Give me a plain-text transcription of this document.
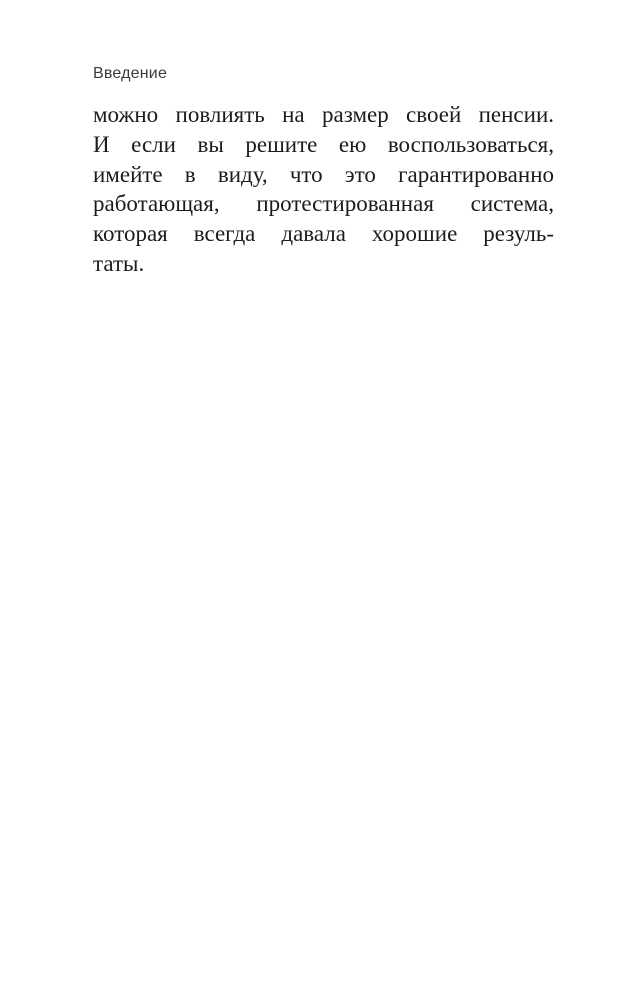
Введение
можно повлиять на размер своей пенсии.
И если вы решите ею воспользоваться,
имейте в виду, что это гарантированно
работающая, протестированная система,
которая всегда давала хорошие резуль-
таты.
